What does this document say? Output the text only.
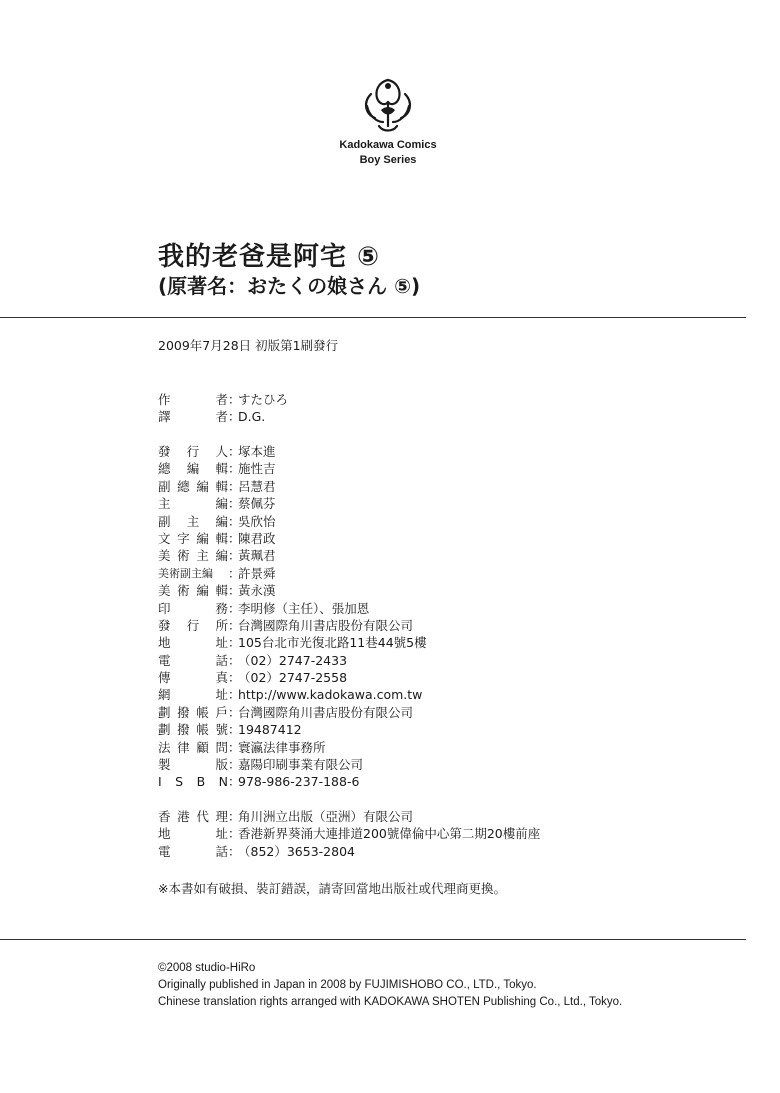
Kadokawa Comics
Boy Series
我的老爸是阿宅 ⑤
(原著名：おたくの娘さん ⑤)
2009年7月28日 初版第1刷發行
作	者 ：
すたひろ
譯	者 ：
D.G.
發 行 人 ：
塚本進
總 編 輯 ：
施性吉
副 總 編 輯 ：
呂慧君
主	編 ：
蔡佩芬
副 主 編 ：
吳欣怡
文 字 編 輯 ：
陳君政
美 術 主 編 ：
黃珮君
美術副主編 ：
許景舜
美 術 編 輯 ：
黃永漢
印	務 ：
李明修（主任）、張加恩
發 行 所 ：
台灣國際角川書店股份有限公司
地	址 ：
105台北市光復北路11巷44號5樓
電	話 ：
（02）2747-2433
傳	真 ：
（02）2747-2558
網	址 ：
http://www.kadokawa.com.tw
劃 撥 帳 戶 ：
台灣國際角川書店股份有限公司
劃 撥 帳 號 ：
19487412
法 律 顧 問 ：
寰瀛法律事務所
製	版 ：
嘉陽印刷事業有限公司
I S B N ：
978-986-237-188-6
香 港 代 理 ：
角川洲立出版（亞洲）有限公司
地	址 ：
香港新界葵涌大連排道200號偉倫中心第二期20樓前座
電	話 ：
（852）3653-2804
※本書如有破損、裝訂錯誤，請寄回當地出版社或代理商更換。
©2008 studio-HiRo
Originally published in Japan in 2008 by FUJIMISHOBO CO., LTD., Tokyo.
Chinese translation rights arranged with KADOKAWA SHOTEN Publishing Co., Ltd., Tokyo.
